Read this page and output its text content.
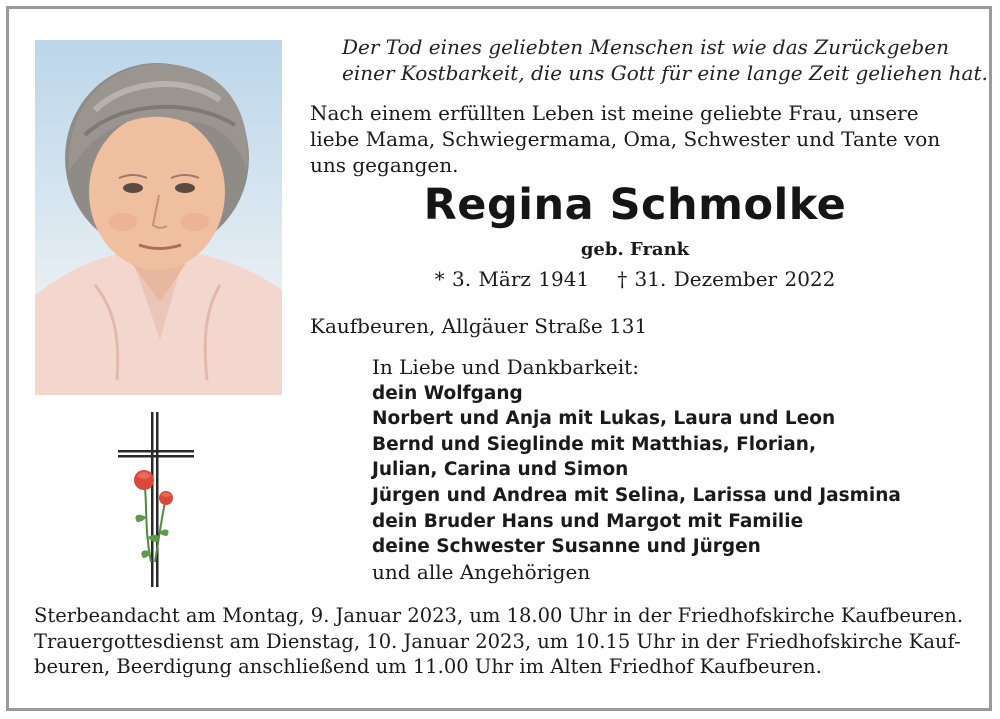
Der Tod eines geliebten Menschen ist wie das Zurückgeben
einer Kostbarkeit, die uns Gott für eine lange Zeit geliehen hat.
Nach einem erfüllten Leben ist meine geliebte Frau, unsere
liebe Mama, Schwiegermama, Oma, Schwester und Tante von
uns gegangen.
Regina Schmolke
geb. Frank
* 3. März 1941 † 31. Dezember 2022
Kaufbeuren, Allgäuer Straße 131
In Liebe und Dankbarkeit:
dein Wolfgang
Norbert und Anja mit Lukas, Laura und Leon
Bernd und Sieglinde mit Matthias, Florian,
Julian, Carina und Simon
Jürgen und Andrea mit Selina, Larissa und Jasmina
dein Bruder Hans und Margot mit Familie
deine Schwester Susanne und Jürgen
und alle Angehörigen
Sterbeandacht am Montag, 9. Januar 2023, um 18.00 Uhr in der Friedhofskirche Kaufbeuren.
Trauergottesdienst am Dienstag, 10. Januar 2023, um 10.15 Uhr in der Friedhofskirche Kauf-
beuren, Beerdigung anschließend um 11.00 Uhr im Alten Friedhof Kaufbeuren.
